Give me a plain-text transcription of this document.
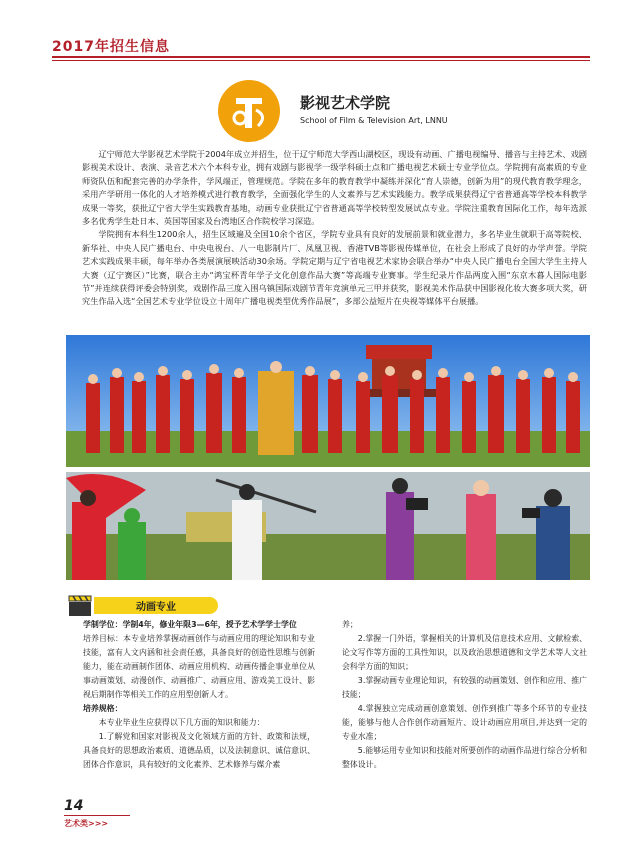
2017年招生信息
影视艺术学院
School of Film & Television Art, LNNU

辽宁师范大学影视艺术学院于2004年成立并招生，位于辽宁师范大学西山湖校区，现设有动画、广播电视编导、播音与主持艺术、戏剧影视美术设计、表演、录音艺术六个本科专业，拥有戏剧与影视学一级学科硕士点和广播电视艺术硕士专业学位点。学院拥有高素质的专业师资队伍和配套完善的办学条件，学风端正，管理规范。学院在多年的教育教学中凝练并深化“育人崇德，创新为用”的现代教育教学理念，采用产学研用一体化的人才培养模式进行教育教学，全面强化学生的人文素养与艺术实践能力。教学成果获得辽宁省普通高等学校本科教学成果一等奖，获批辽宁省大学生实践教育基地，动画专业获批辽宁省普通高等学校转型发展试点专业。学院注重教育国际化工作，每年选派多名优秀学生赴日本、英国等国家及台湾地区合作院校学习深造。

学院拥有本科生1200余人，招生区域遍及全国10余个省区，学院专业具有良好的发展前景和就业潜力，多名毕业生就职于高等院校、新华社、中央人民广播电台、中央电视台、八一电影制片厂、凤凰卫视、香港TVB等影视传媒单位，在社会上形成了良好的办学声誉。学院艺术实践成果丰硕，每年举办各类展演展映活动30余场。学院定期与辽宁省电视艺术家协会联合举办“中央人民广播电台全国大学生主持人大赛（辽宁赛区）”比赛，联合主办“鸿宝杯青年学子文化创意作品大赛”等高端专业赛事。学生纪录片作品两度入围“东京木暮人国际电影节”并连续获得评委会特别奖，戏剧作品三度入围乌镇国际戏剧节青年竞演单元三甲并获奖，影视美术作品获中国影视化妆大赛多项大奖，研究生作品入选“全国艺术专业学位设立十周年广播电视类型优秀作品展”，多部公益短片在央视等媒体平台展播。

动画专业

学制学位：学制4年，修业年限3—6年，授予艺术学学士学位

培养目标：本专业培养掌握动画创作与动画应用的理论知识和专业技能，富有人文内涵和社会责任感，具备良好的创造性思维与创新能力，能在动画制作团体、动画应用机构、动画传播企事业单位从事动画策划、动漫创作、动画推广、动画应用、游戏美工设计、影视后期制作等相关工作的应用型创新人才。

培养规格：

本专业毕业生应获得以下几方面的知识和能力：

1.了解党和国家对影视及文化领域方面的方针、政策和法规，具备良好的思想政治素质、道德品质，以及法制意识、诚信意识、团体合作意识，具有较好的文化素养、艺术修养与媒介素

养；

2.掌握一门外语，掌握相关的计算机及信息技术应用、文献检索、论文写作等方面的工具性知识，以及政治思想道德和文学艺术等人文社会科学方面的知识；

3.掌握动画专业理论知识，有较强的动画策划、创作和应用、推广技能；

4.掌握独立完成动画创意策划、创作到推广等多个环节的专业技能，能够与他人合作创作动画短片、设计动画应用项目,并达到一定的专业水准；

5.能够运用专业知识和技能对所要创作的动画作品进行综合分析和整体设计。

14
艺术类>>>
